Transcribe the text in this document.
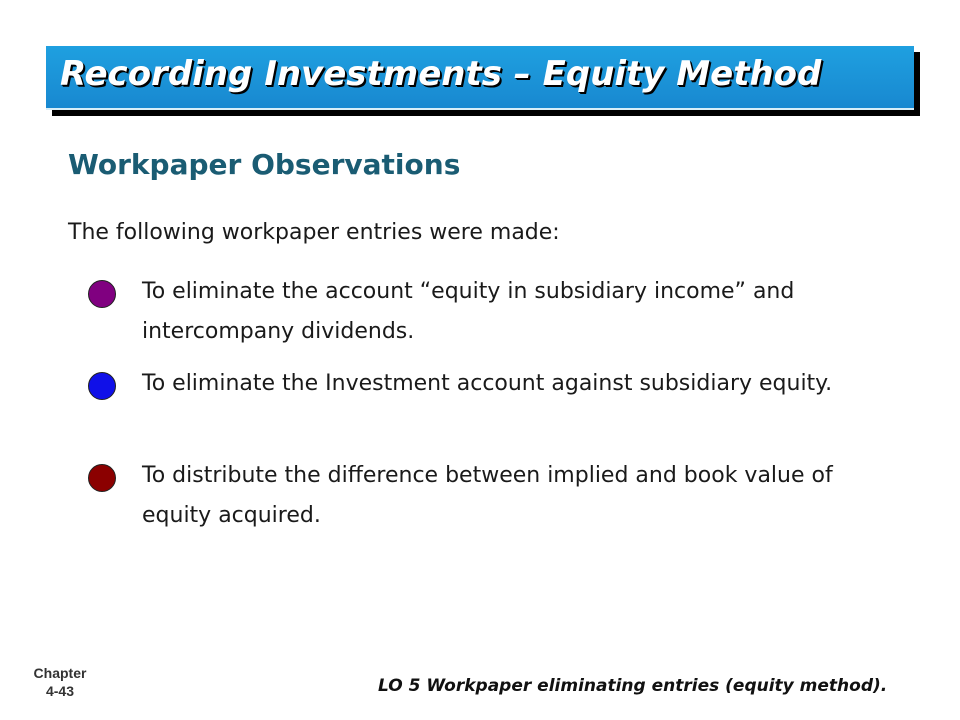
Recording Investments – Equity Method
Workpaper Observations
The following workpaper entries were made:
To eliminate the account “equity in subsidiary income” and intercompany dividends.
To eliminate the Investment account against subsidiary equity.
To distribute the difference between implied and book value of equity acquired.
Chapter
4-43	LO 5 Workpaper eliminating entries (equity method).
